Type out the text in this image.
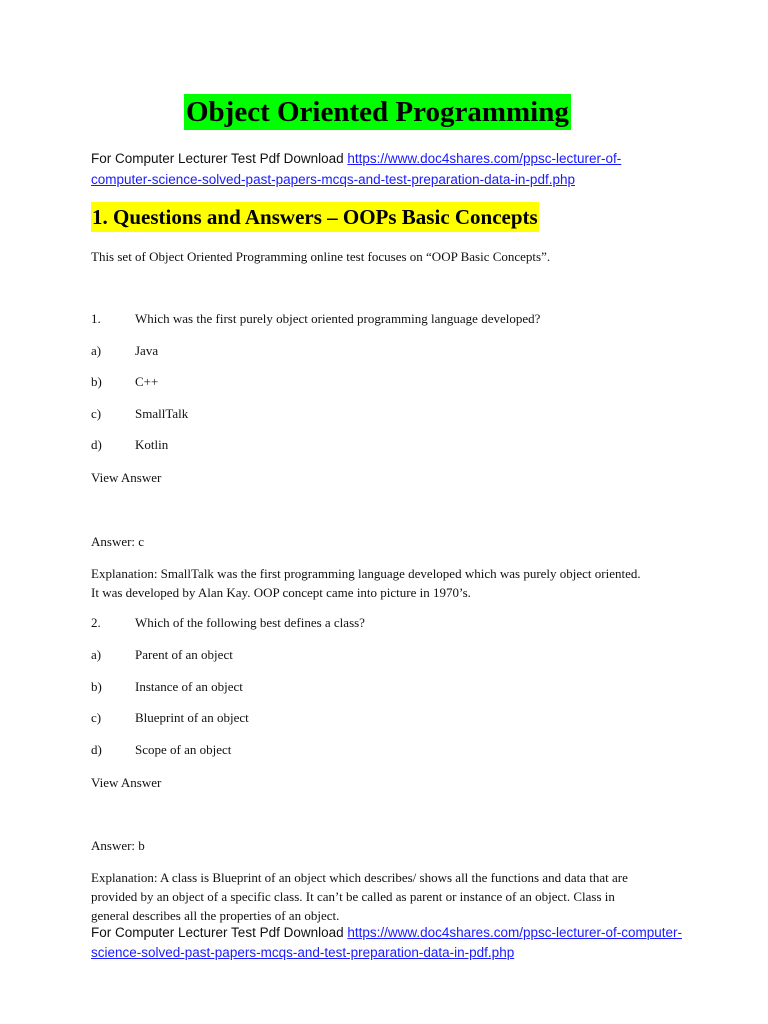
Object Oriented Programming
For Computer Lecturer Test Pdf Download https://www.doc4shares.com/ppsc-lecturer-of-
computer-science-solved-past-papers-mcqs-and-test-preparation-data-in-pdf.php
1. Questions and Answers – OOPs Basic Concepts
This set of Object Oriented Programming online test focuses on “OOP Basic Concepts”.
1.	Which was the first purely object oriented programming language developed?
a)	Java
b)	C++
c)	SmallTalk
d)	Kotlin
View Answer
Answer: c
Explanation: SmallTalk was the first programming language developed which was purely object oriented.
It was developed by Alan Kay. OOP concept came into picture in 1970’s.
2.	Which of the following best defines a class?
a)	Parent of an object
b)	Instance of an object
c)	Blueprint of an object
d)	Scope of an object
View Answer
Answer: b
Explanation: A class is Blueprint of an object which describes/ shows all the functions and data that are
provided by an object of a specific class. It can’t be called as parent or instance of an object. Class in
general describes all the properties of an object.
For Computer Lecturer Test Pdf Download https://www.doc4shares.com/ppsc-lecturer-of-computer-
science-solved-past-papers-mcqs-and-test-preparation-data-in-pdf.php
